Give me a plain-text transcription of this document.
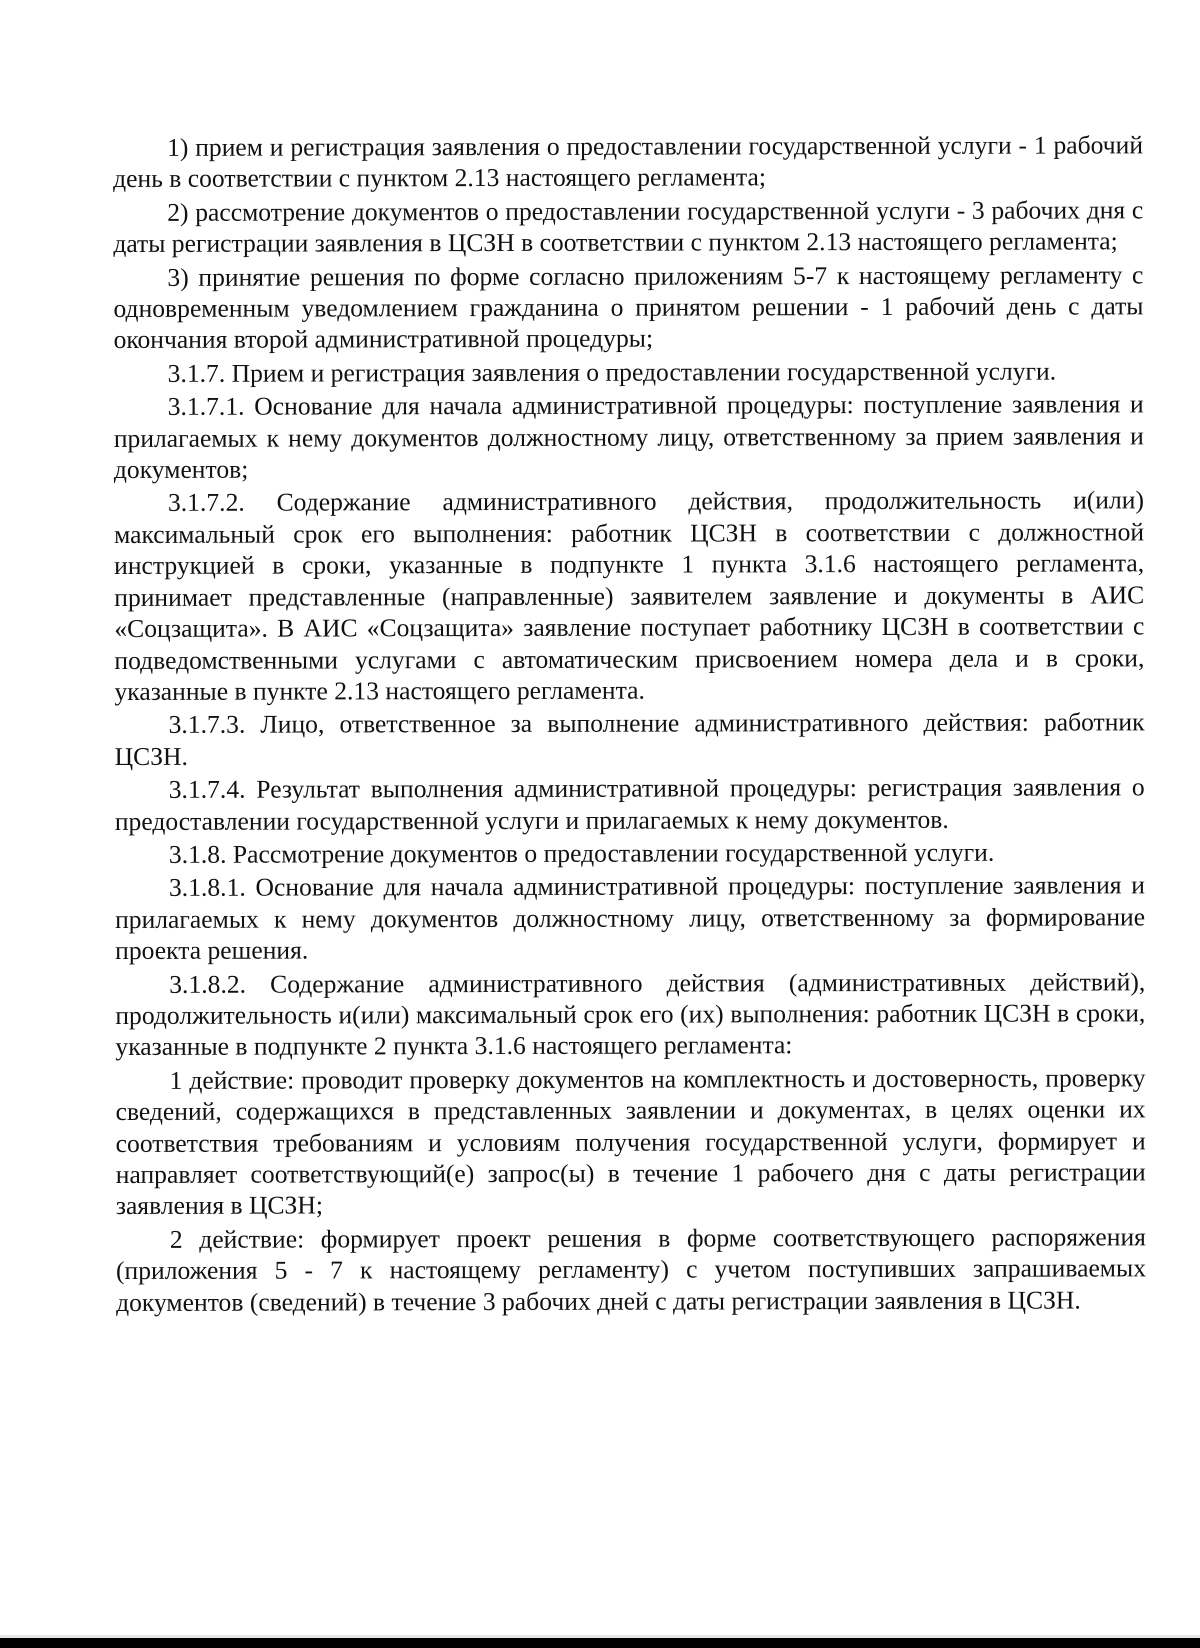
1) прием и регистрация заявления о предоставлении государственной услуги - 1 рабочий день в соответствии с пунктом 2.13 настоящего регламента;

2) рассмотрение документов о предоставлении государственной услуги - 3 рабочих дня с даты регистрации заявления в ЦСЗН в соответствии с пунктом 2.13 настоящего регламента;

3) принятие решения по форме согласно приложениям 5-7 к настоящему регламенту с одновременным уведомлением гражданина о принятом решении - 1 рабочий день с даты окончания второй административной процедуры;

3.1.7. Прием и регистрация заявления о предоставлении государственной услуги.

3.1.7.1. Основание для начала административной процедуры: поступление заявления и прилагаемых к нему документов должностному лицу, ответственному за прием заявления и документов;

3.1.7.2. Содержание административного действия, продолжительность и(или) максимальный срок его выполнения: работник ЦСЗН в соответствии с должностной инструкцией в сроки, указанные в подпункте 1 пункта 3.1.6 настоящего регламента, принимает представленные (направленные) заявителем заявление и документы в АИС «Соцзащита». В АИС «Соцзащита» заявление поступает работнику ЦСЗН в соответствии с подведомственными услугами с автоматическим присвоением номера дела и в сроки, указанные в пункте 2.13 настоящего регламента.

3.1.7.3. Лицо, ответственное за выполнение административного действия: работник ЦСЗН.

3.1.7.4. Результат выполнения административной процедуры: регистрация заявления о предоставлении государственной услуги и прилагаемых к нему документов.

3.1.8. Рассмотрение документов о предоставлении государственной услуги.

3.1.8.1. Основание для начала административной процедуры: поступление заявления и прилагаемых к нему документов должностному лицу, ответственному за формирование проекта решения.

3.1.8.2. Содержание административного действия (административных действий), продолжительность и(или) максимальный срок его (их) выполнения: работник ЦСЗН в сроки, указанные в подпункте 2 пункта 3.1.6 настоящего регламента:

1 действие: проводит проверку документов на комплектность и достоверность, проверку сведений, содержащихся в представленных заявлении и документах, в целях оценки их соответствия требованиям и условиям получения государственной услуги, формирует и направляет соответствующий(е) запрос(ы) в течение 1 рабочего дня с даты регистрации заявления в ЦСЗН;

2 действие: формирует проект решения в форме соответствующего распоряжения (приложения 5 - 7 к настоящему регламенту) с учетом поступивших запрашиваемых документов (сведений) в течение 3 рабочих дней с даты регистрации заявления в ЦСЗН.
